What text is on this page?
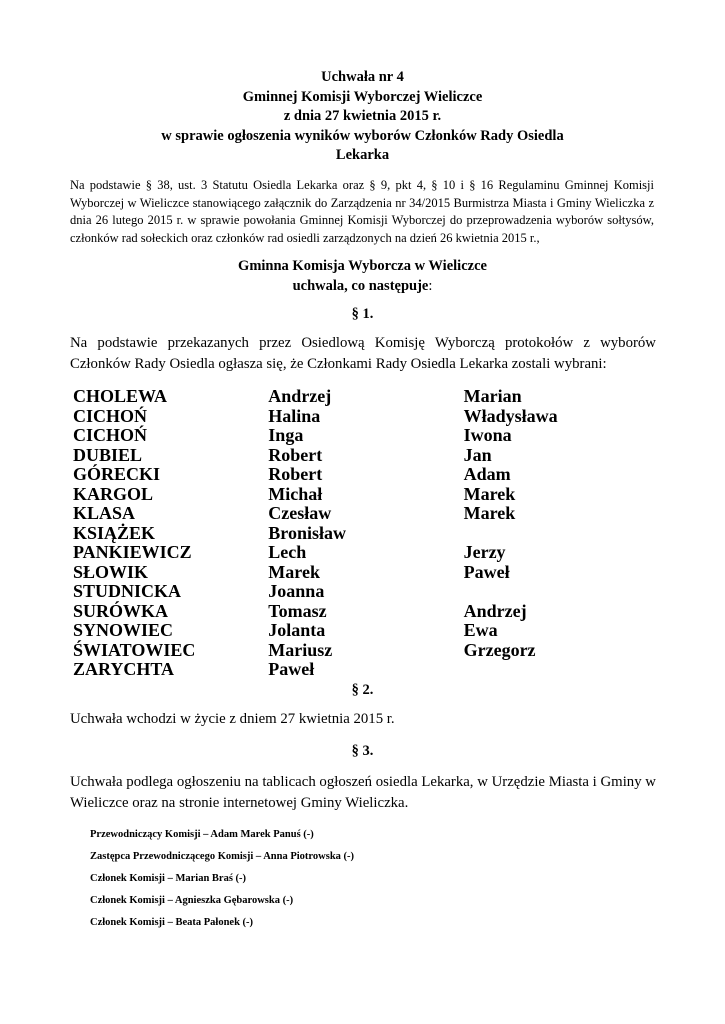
Uchwała nr 4
Gminnej Komisji Wyborczej Wieliczce
z dnia 27 kwietnia 2015 r.
w sprawie ogłoszenia wyników wyborów Członków Rady Osiedla
Lekarka
Na podstawie § 38, ust. 3 Statutu Osiedla Lekarka oraz § 9, pkt 4, § 10 i § 16 Regulaminu Gminnej Komisji Wyborczej w Wieliczce stanowiącego załącznik do Zarządzenia nr 34/2015 Burmistrza Miasta i Gminy Wieliczka z dnia 26 lutego 2015 r. w sprawie powołania Gminnej Komisji Wyborczej do przeprowadzenia wyborów sołtysów, członków rad sołeckich oraz członków rad osiedli zarządzonych na dzień 26 kwietnia 2015 r.,
Gminna Komisja Wyborcza w Wieliczce
uchwala, co następuje:
§ 1.
Na podstawie przekazanych przez Osiedlową Komisję Wyborczą protokołów z wyborów Członków Rady Osiedla ogłasza się, że Członkami Rady Osiedla Lekarka zostali wybrani:
CHOLEWA	Andrzej	Marian
CICHOŃ	Halina	Władysława
CICHOŃ	Inga	Iwona
DUBIEL	Robert	Jan
GÓRECKI	Robert	Adam
KARGOL	Michał	Marek
KLASA	Czesław	Marek
KSIĄŻEK	Bronisław
PANKIEWICZ	Lech	Jerzy
SŁOWIK	Marek	Paweł
STUDNICKA	Joanna
SURÓWKA	Tomasz	Andrzej
SYNOWIEC	Jolanta	Ewa
ŚWIATOWIEC	Mariusz	Grzegorz
ZARYCHTA	Paweł
§ 2.
Uchwała wchodzi w życie z dniem 27 kwietnia 2015 r.
§ 3.
Uchwała podlega ogłoszeniu na tablicach ogłoszeń osiedla Lekarka, w Urzędzie Miasta i Gminy w Wieliczce oraz na stronie internetowej Gminy Wieliczka.
Przewodniczący Komisji – Adam Marek Panuś (-)
Zastępca Przewodniczącego Komisji – Anna Piotrowska (-)
Członek Komisji – Marian Braś (-)
Członek Komisji – Agnieszka Gębarowska (-)
Członek Komisji – Beata Pałonek (-)
